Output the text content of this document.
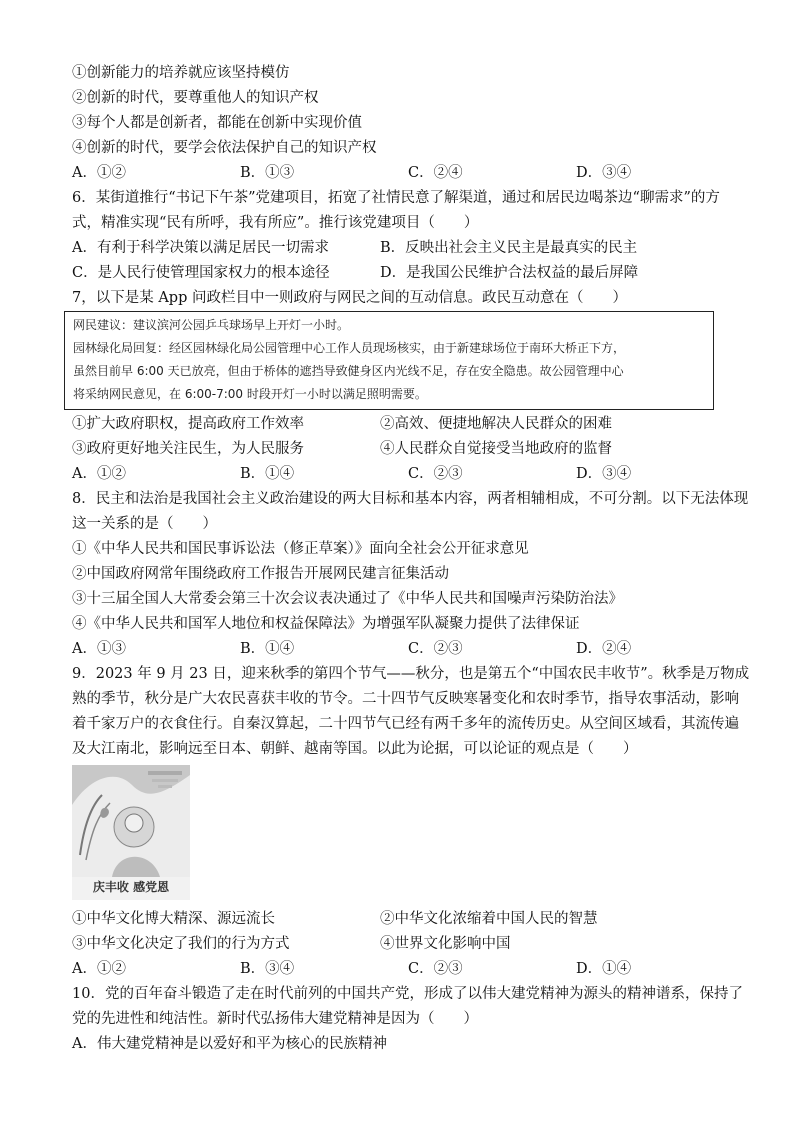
①创新能力的培养就应该坚持模仿
②创新的时代，要尊重他人的知识产权
③每个人都是创新者，都能在创新中实现价值
④创新的时代，要学会依法保护自己的知识产权
A．①②	B．①③	C．②④	D．③④
6．某街道推行“书记下午茶”党建项目，拓宽了社情民意了解渠道，通过和居民边喝茶边“聊需求”的方
式，精准实现“民有所呼，我有所应”。推行该党建项目（　　）
A．有利于科学决策以满足居民一切需求	B．反映出社会主义民主是最真实的民主
C．是人民行使管理国家权力的根本途径	D．是我国公民维护合法权益的最后屏障
7，以下是某 App 问政栏目中一则政府与网民之间的互动信息。政民互动意在（　　）
网民建议：建议滨河公园乒乓球场早上开灯一小时。
园林绿化局回复：经区园林绿化局公园管理中心工作人员现场核实，由于新建球场位于南环大桥正下方，
虽然目前早 6:00 天已放亮，但由于桥体的遮挡导致健身区内光线不足，存在安全隐患。故公园管理中心
将采纳网民意见，在 6:00-7:00 时段开灯一小时以满足照明需要。
①扩大政府职权，提高政府工作效率	②高效、便捷地解决人民群众的困难
③政府更好地关注民生，为人民服务	④人民群众自觉接受当地政府的监督
A．①②	B．①④	C．②③	D．③④
8．民主和法治是我国社会主义政治建设的两大目标和基本内容，两者相辅相成，不可分割。以下无法体现
这一关系的是（　　）
①《中华人民共和国民事诉讼法（修正草案）》面向全社会公开征求意见
②中国政府网常年围绕政府工作报告开展网民建言征集活动
③十三届全国人大常委会第三十次会议表决通过了《中华人民共和国噪声污染防治法》
④《中华人民共和国军人地位和权益保障法》为增强军队凝聚力提供了法律保证
A．①③	B．①④	C．②③	D．②④
9．2023 年 9 月 23 日，迎来秋季的第四个节气——秋分，也是第五个“中国农民丰收节”。秋季是万物成
熟的季节，秋分是广大农民喜获丰收的节令。二十四节气反映寒暑变化和农时季节，指导农事活动，影响
着千家万户的衣食住行。自秦汉算起，二十四节气已经有两千多年的流传历史。从空间区域看，其流传遍
及大江南北，影响远至日本、朝鲜、越南等国。以此为论据，可以论证的观点是（　　）
庆丰收 感党恩
①中华文化博大精深、源远流长	②中华文化浓缩着中国人民的智慧
③中华文化决定了我们的行为方式	④世界文化影响中国
A．①②	B．③④	C．②③	D．①④
10．党的百年奋斗锻造了走在时代前列的中国共产党，形成了以伟大建党精神为源头的精神谱系，保持了
党的先进性和纯洁性。新时代弘扬伟大建党精神是因为（　　）
A．伟大建党精神是以爱好和平为核心的民族精神
